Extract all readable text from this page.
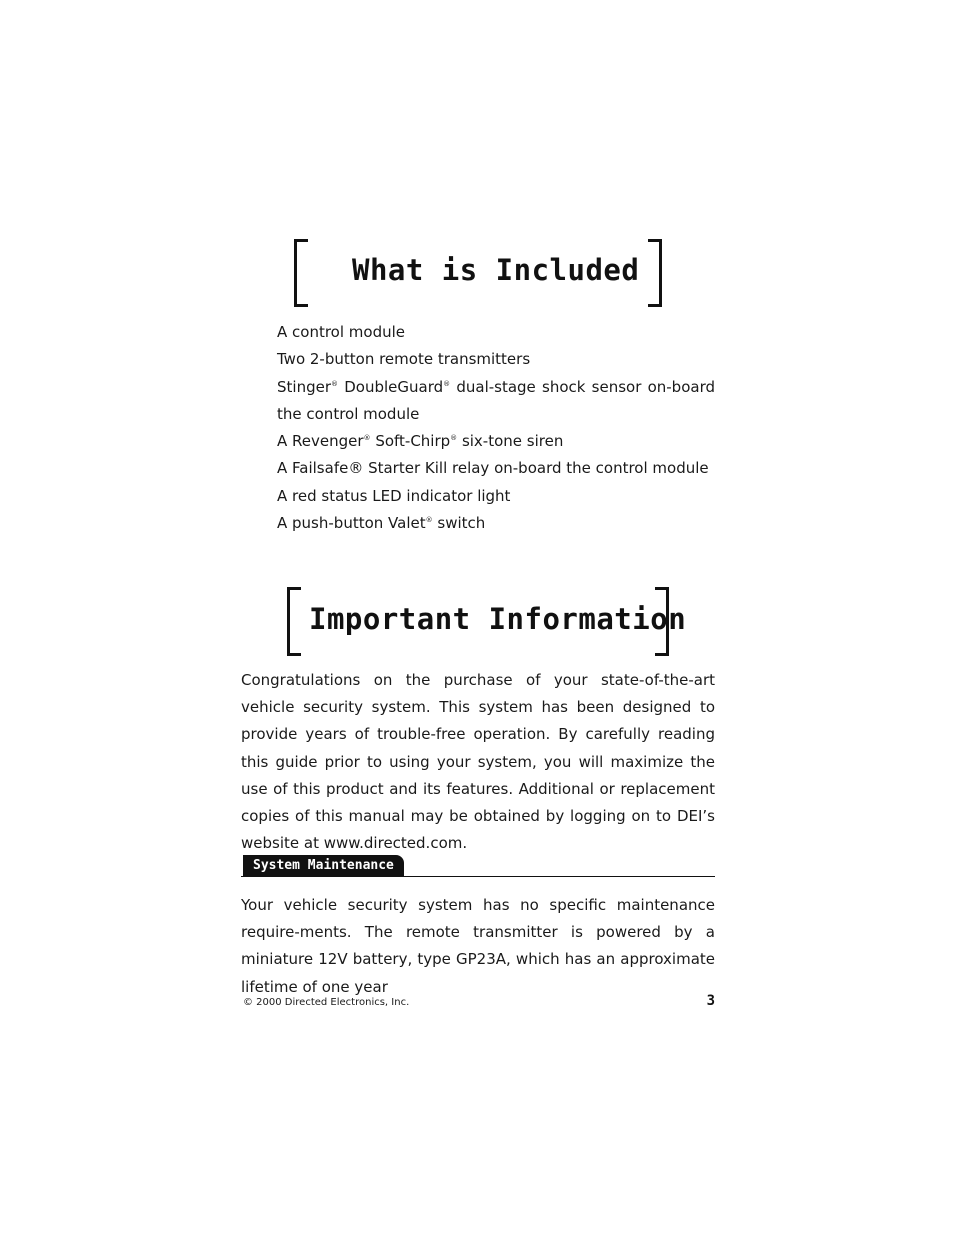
What is Included
A control module
Two 2-button remote transmitters
Stinger® DoubleGuard® dual-stage shock sensor on-board the control module
A Revenger® Soft-Chirp® six-tone siren
A Failsafe® Starter Kill relay on-board the control module
A red status LED indicator light
A push-button Valet® switch
Important Information

Congratulations on the purchase of your state-of-the-art vehicle security system. This system has been designed to provide years of trouble-free operation. By carefully reading this guide prior to using your system, you will maximize the use of this product and its features. Additional or replacement copies of this manual may be obtained by logging on to DEI’s website at www.directed.com.

System Maintenance

Your vehicle security system has no specific maintenance require-ments. The remote transmitter is powered by a miniature 12V battery, type GP23A, which has an approximate lifetime of one year

© 2000 Directed Electronics, Inc.	3
